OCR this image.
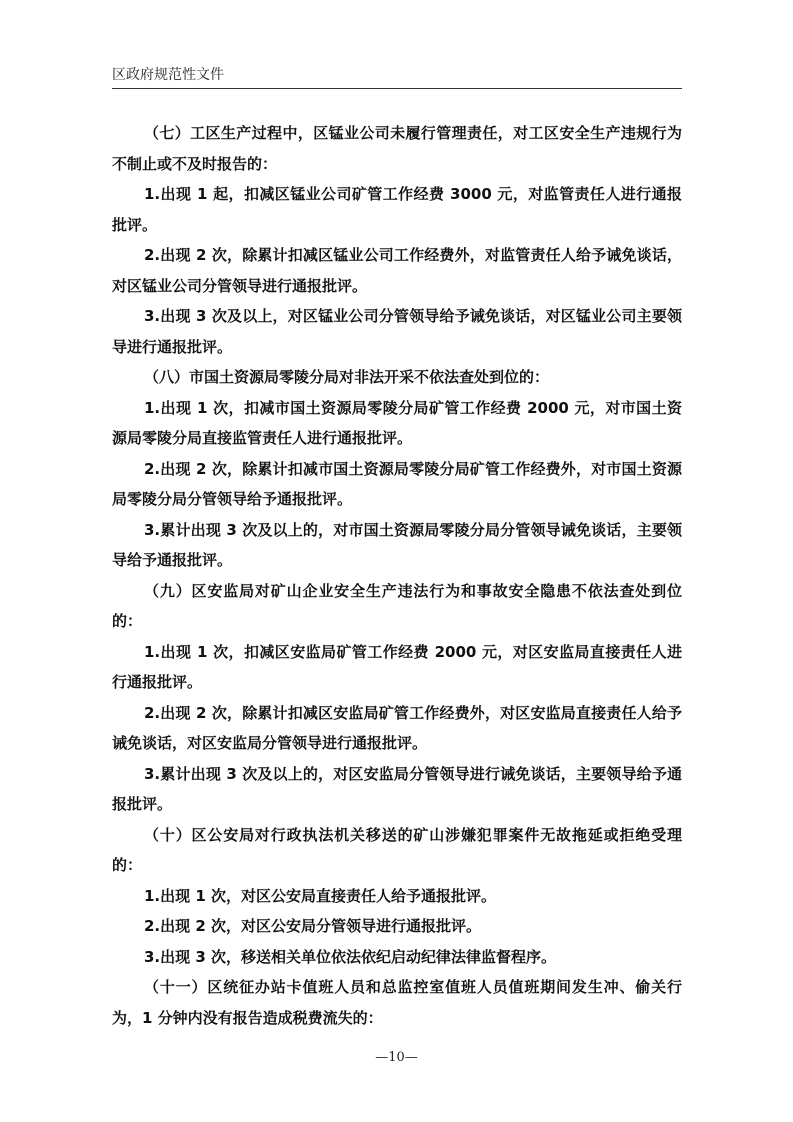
区政府规范性文件

（七）工区生产过程中，区锰业公司未履行管理责任，对工区安全生产违规行为不制止或不及时报告的：

1.出现 1 起，扣减区锰业公司矿管工作经费 3000 元，对监管责任人进行通报批评。

2.出现 2 次，除累计扣减区锰业公司工作经费外，对监管责任人给予诫免谈话，对区锰业公司分管领导进行通报批评。

3.出现 3 次及以上，对区锰业公司分管领导给予诫免谈话，对区锰业公司主要领导进行通报批评。

（八）市国土资源局零陵分局对非法开采不依法查处到位的：

1.出现 1 次，扣减市国土资源局零陵分局矿管工作经费 2000 元，对市国土资源局零陵分局直接监管责任人进行通报批评。

2.出现 2 次，除累计扣减市国土资源局零陵分局矿管工作经费外，对市国土资源局零陵分局分管领导给予通报批评。

3.累计出现 3 次及以上的，对市国土资源局零陵分局分管领导诫免谈话，主要领导给予通报批评。

（九）区安监局对矿山企业安全生产违法行为和事故安全隐患不依法查处到位的：

1.出现 1 次，扣减区安监局矿管工作经费 2000 元，对区安监局直接责任人进行通报批评。

2.出现 2 次，除累计扣减区安监局矿管工作经费外，对区安监局直接责任人给予诫免谈话，对区安监局分管领导进行通报批评。

3.累计出现 3 次及以上的，对区安监局分管领导进行诫免谈话，主要领导给予通报批评。

（十）区公安局对行政执法机关移送的矿山涉嫌犯罪案件无故拖延或拒绝受理的：

1.出现 1 次，对区公安局直接责任人给予通报批评。

2.出现 2 次，对区公安局分管领导进行通报批评。

3.出现 3 次，移送相关单位依法依纪启动纪律法律监督程序。

（十一）区统征办站卡值班人员和总监控室值班人员值班期间发生冲、偷关行为，1 分钟内没有报告造成税费流失的：

—10—
